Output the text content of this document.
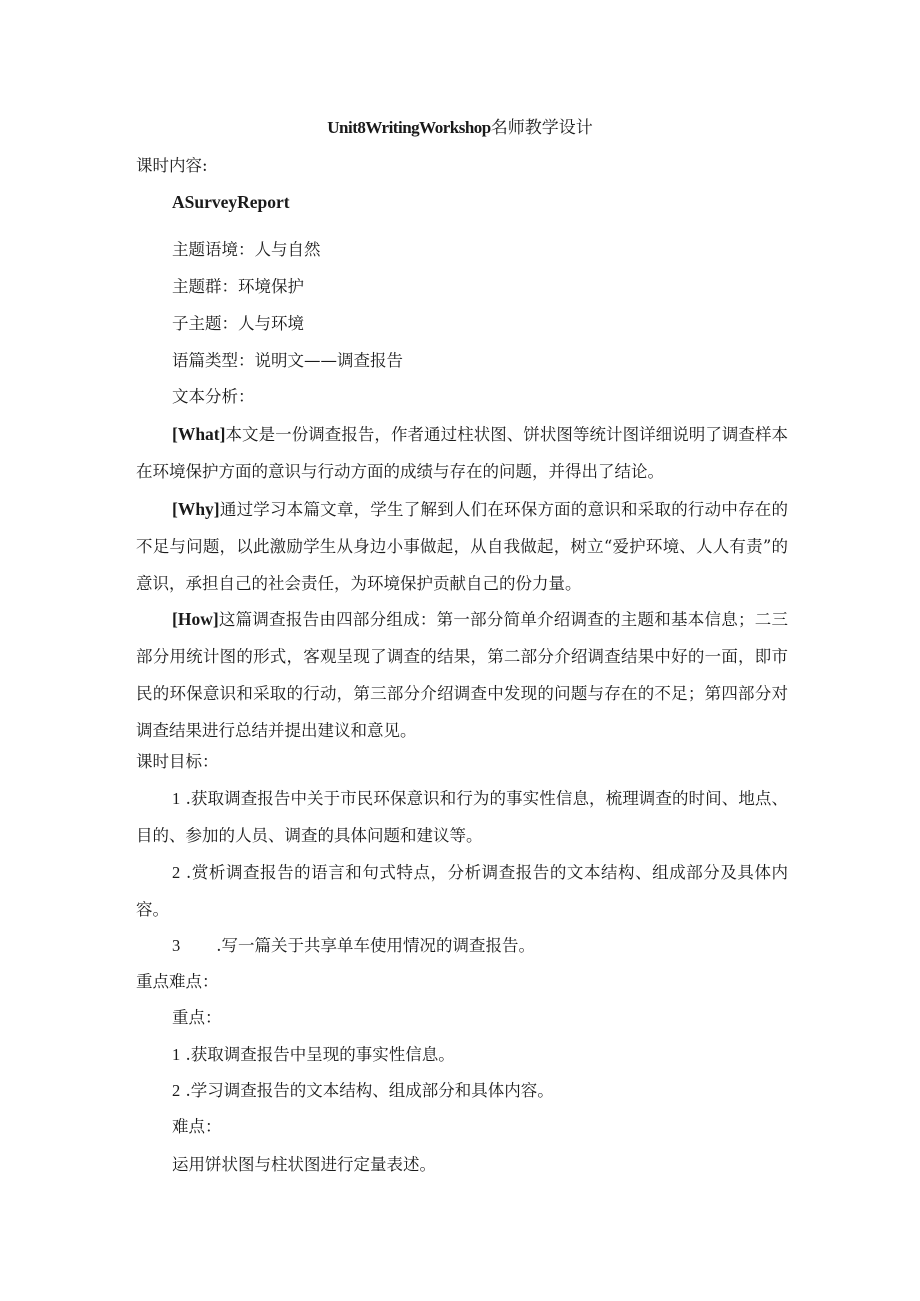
Unit8WritingWorkshop名师教学设计
课时内容:
ASurveyReport
主题语境：人与自然
主题群：环境保护
子主题：人与环境
语篇类型：说明文——调查报告
文本分析：

[What]本文是一份调查报告，作者通过柱状图、饼状图等统计图详细说明了调查样本在环境保护方面的意识与行动方面的成绩与存在的问题，并得出了结论。

[Why]通过学习本篇文章，学生了解到人们在环保方面的意识和采取的行动中存在的不足与问题，以此激励学生从身边小事做起，从自我做起，树立“爱护环境、人人有责”的意识，承担自己的社会责任，为环境保护贡献自己的份力量。

[How]这篇调查报告由四部分组成：第一部分简单介绍调查的主题和基本信息；二三部分用统计图的形式，客观呈现了调查的结果，第二部分介绍调查结果中好的一面，即市民的环保意识和采取的行动，第三部分介绍调查中发现的问题与存在的不足；第四部分对调查结果进行总结并提出建议和意见。

课时目标：

1 .获取调查报告中关于市民环保意识和行为的事实性信息，梳理调查的时间、地点、目的、参加的人员、调查的具体问题和建议等。

2 .赏析调查报告的语言和句式特点，分析调查报告的文本结构、组成部分及具体内容。

3 .写一篇关于共享单车使用情况的调查报告。
重点难点：
重点：
1 .获取调查报告中呈现的事实性信息。
2 .学习调查报告的文本结构、组成部分和具体内容。
难点：
运用饼状图与柱状图进行定量表述。
